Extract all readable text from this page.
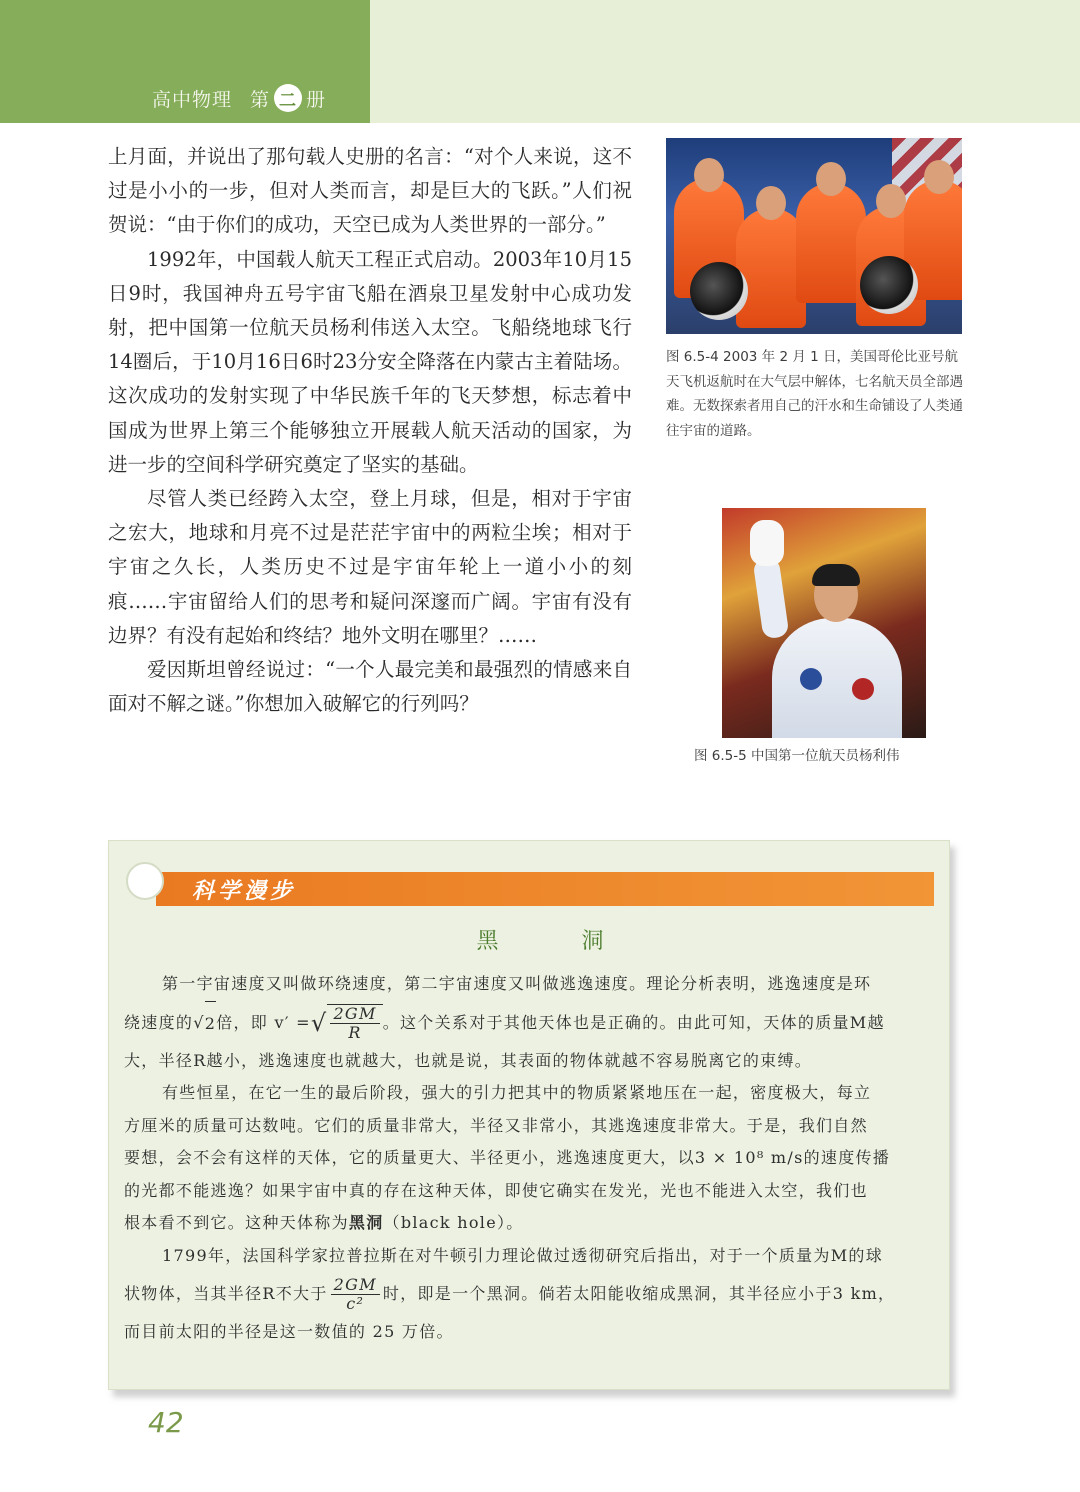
高中物理 第 二 册

上月面，并说出了那句载人史册的名言：“对个人来说，这不过是小小的一步，但对人类而言，却是巨大的飞跃。”人们祝贺说：“由于你们的成功，天空已成为人类世界的一部分。”

1992年，中国载人航天工程正式启动。2003年10月15日9时，我国神舟五号宇宙飞船在酒泉卫星发射中心成功发射，把中国第一位航天员杨利伟送入太空。飞船绕地球飞行14圈后，于10月16日6时23分安全降落在内蒙古主着陆场。这次成功的发射实现了中华民族千年的飞天梦想，标志着中国成为世界上第三个能够独立开展载人航天活动的国家，为进一步的空间科学研究奠定了坚实的基础。

尽管人类已经跨入太空，登上月球，但是，相对于宇宙之宏大，地球和月亮不过是茫茫宇宙中的两粒尘埃；相对于宇宙之久长，人类历史不过是宇宙年轮上一道小小的刻痕……宇宙留给人们的思考和疑问深邃而广阔。宇宙有没有边界？有没有起始和终结？地外文明在哪里？……

爱因斯坦曾经说过：“一个人最完美和最强烈的情感来自面对不解之谜。”你想加入破解它的行列吗？

图 6.5-4 2003 年 2 月 1 日，美国哥伦比亚号航天飞机返航时在大气层中解体，七名航天员全部遇难。无数探索者用自己的汗水和生命铺设了人类通往宇宙的道路。
图 6.5-5 中国第一位航天员杨利伟
科学漫步
黑 洞
第一宇宙速度又叫做环绕速度，第二宇宙速度又叫做逃逸速度。理论分析表明，逃逸速度是环
绕速度的 √ 2 倍，即 v′ = √ $\frac{2GM}{R}$ 。这个关系对于其他天体也是正确的。由此可知，天体的质量M越
大，半径R越小，逃逸速度也就越大，也就是说，其表面的物体就越不容易脱离它的束缚。
有些恒星，在它一生的最后阶段，强大的引力把其中的物质紧紧地压在一起，密度极大，每立
方厘米的质量可达数吨。它们的质量非常大，半径又非常小，其逃逸速度非常大。于是，我们自然
要想，会不会有这样的天体，它的质量更大、半径更小，逃逸速度更大，以3 × 10⁸ m/s的速度传播
的光都不能逃逸？如果宇宙中真的存在这种天体，即使它确实在发光，光也不能进入太空，我们也
根本看不到它。这种天体称为黑洞（black hole）。
1799年，法国科学家拉普拉斯在对牛顿引力理论做过透彻研究后指出，对于一个质量为M的球
状物体，当其半径R不大于 $\frac{2GM}{\text{c²}}$ 时，即是一个黑洞。倘若太阳能收缩成黑洞，其半径应小于3 km，
而目前太阳的半径是这一数值的 25 万倍。
42
